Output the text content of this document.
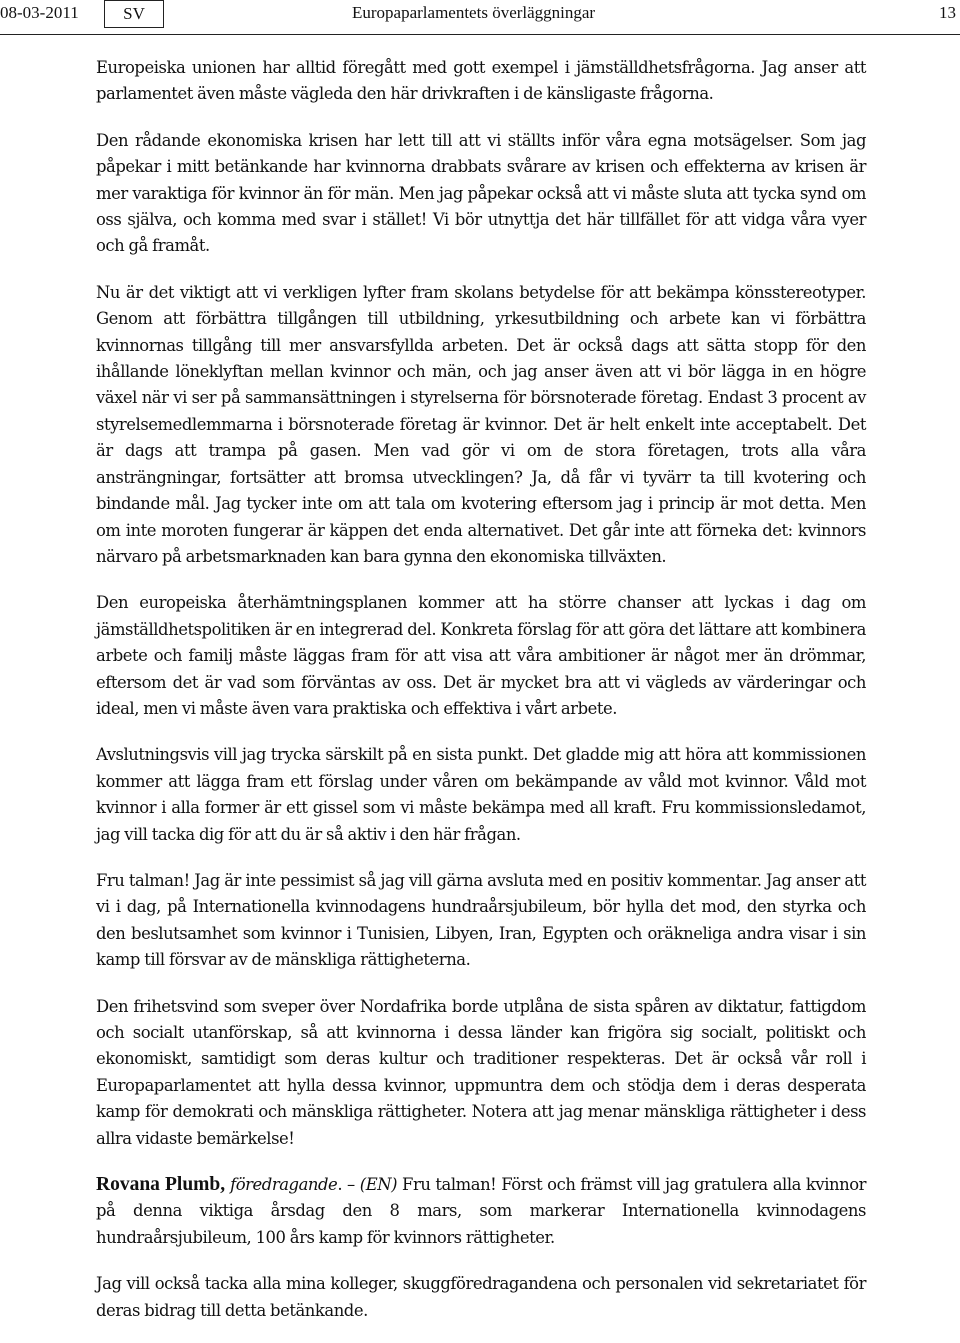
08-03-2011	SV	Europaparlamentets överläggningar	13

Europeiska unionen har alltid föregått med gott exempel i jämställdhetsfrågorna. Jag anser att parlamentet även måste vägleda den här drivkraften i de känsligaste frågorna.

Den rådande ekonomiska krisen har lett till att vi ställts inför våra egna motsägelser. Som jag påpekar i mitt betänkande har kvinnorna drabbats svårare av krisen och effekterna av krisen är mer varaktiga för kvinnor än för män. Men jag påpekar också att vi måste sluta att tycka synd om oss själva, och komma med svar i stället! Vi bör utnyttja det här tillfället för att vidga våra vyer och gå framåt.

Nu är det viktigt att vi verkligen lyfter fram skolans betydelse för att bekämpa könsstereotyper. Genom att förbättra tillgången till utbildning, yrkesutbildning och arbete kan vi förbättra kvinnornas tillgång till mer ansvarsfyllda arbeten. Det är också dags att sätta stopp för den ihållande löneklyftan mellan kvinnor och män, och jag anser även att vi bör lägga in en högre växel när vi ser på sammansättningen i styrelserna för börsnoterade företag. Endast 3 procent av styrelsemedlemmarna i börsnoterade företag är kvinnor. Det är helt enkelt inte acceptabelt. Det är dags att trampa på gasen. Men vad gör vi om de stora företagen, trots alla våra ansträngningar, fortsätter att bromsa utvecklingen? Ja, då får vi tyvärr ta till kvotering och bindande mål. Jag tycker inte om att tala om kvotering eftersom jag i princip är mot detta. Men om inte moroten fungerar är käppen det enda alternativet. Det går inte att förneka det: kvinnors närvaro på arbetsmarknaden kan bara gynna den ekonomiska tillväxten.

Den europeiska återhämtningsplanen kommer att ha större chanser att lyckas i dag om jämställdhetspolitiken är en integrerad del. Konkreta förslag för att göra det lättare att kombinera arbete och familj måste läggas fram för att visa att våra ambitioner är något mer än drömmar, eftersom det är vad som förväntas av oss. Det är mycket bra att vi vägleds av värderingar och ideal, men vi måste även vara praktiska och effektiva i vårt arbete.

Avslutningsvis vill jag trycka särskilt på en sista punkt. Det gladde mig att höra att kommissionen kommer att lägga fram ett förslag under våren om bekämpande av våld mot kvinnor. Våld mot kvinnor i alla former är ett gissel som vi måste bekämpa med all kraft. Fru kommissionsledamot, jag vill tacka dig för att du är så aktiv i den här frågan.

Fru talman! Jag är inte pessimist så jag vill gärna avsluta med en positiv kommentar. Jag anser att vi i dag, på Internationella kvinnodagens hundraårsjubileum, bör hylla det mod, den styrka och den beslutsamhet som kvinnor i Tunisien, Libyen, Iran, Egypten och oräkneliga andra visar i sin kamp till försvar av de mänskliga rättigheterna.

Den frihetsvind som sveper över Nordafrika borde utplåna de sista spåren av diktatur, fattigdom och socialt utanförskap, så att kvinnorna i dessa länder kan frigöra sig socialt, politiskt och ekonomiskt, samtidigt som deras kultur och traditioner respekteras. Det är också vår roll i Europaparlamentet att hylla dessa kvinnor, uppmuntra dem och stödja dem i deras desperata kamp för demokrati och mänskliga rättigheter. Notera att jag menar mänskliga rättigheter i dess allra vidaste bemärkelse!

Rovana Plumb, föredragande. – (EN) Fru talman! Först och främst vill jag gratulera alla kvinnor på denna viktiga årsdag den 8 mars, som markerar Internationella kvinnodagens hundraårsjubileum, 100 års kamp för kvinnors rättigheter.

Jag vill också tacka alla mina kolleger, skuggföredragandena och personalen vid sekretariatet för deras bidrag till detta betänkande.
